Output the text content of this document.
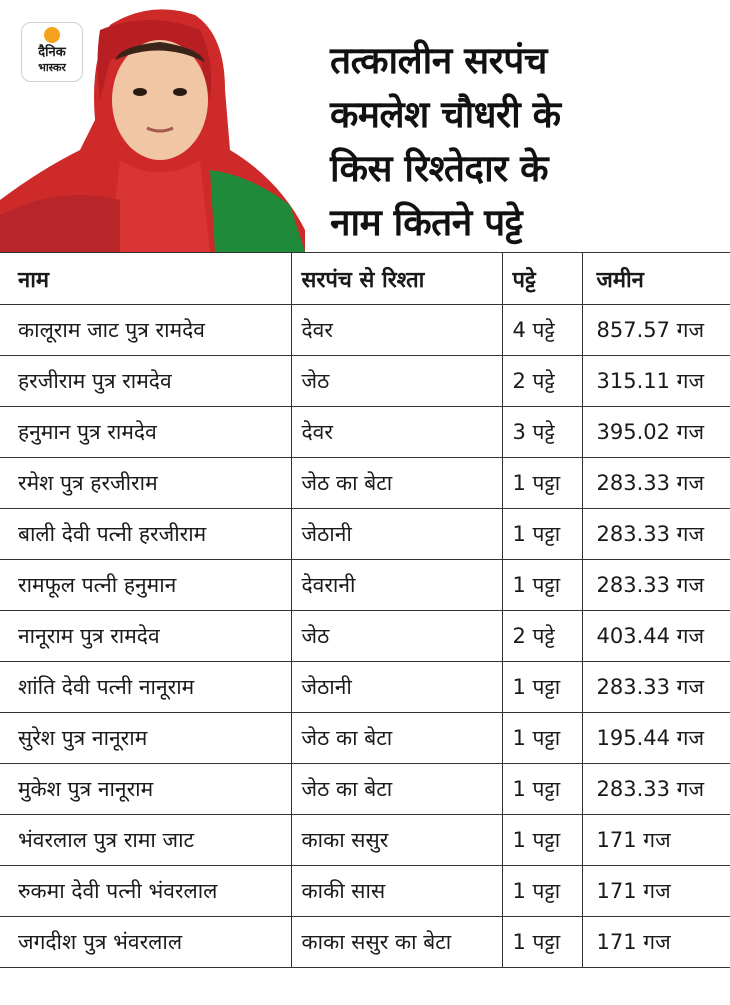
दैनिक
भास्कर	तत्कालीन सरपंच
कमलेश चौधरी के
किस रिश्तेदार के
नाम कितने पट्टे
नाम	सरपंच से रिश्ता	पट्टे	जमीन
कालूराम जाट पुत्र रामदेव	देवर	4 पट्टे	857.57 गज
हरजीराम पुत्र रामदेव	जेठ	2 पट्टे	315.11 गज
हनुमान पुत्र रामदेव	देवर	3 पट्टे	395.02 गज
रमेश पुत्र हरजीराम	जेठ का बेटा	1 पट्टा	283.33 गज
बाली देवी पत्नी हरजीराम	जेठानी	1 पट्टा	283.33 गज
रामफूल पत्नी हनुमान	देवरानी	1 पट्टा	283.33 गज
नानूराम पुत्र रामदेव	जेठ	2 पट्टे	403.44 गज
शांति देवी पत्नी नानूराम	जेठानी	1 पट्टा	283.33 गज
सुरेश पुत्र नानूराम	जेठ का बेटा	1 पट्टा	195.44 गज
मुकेश पुत्र नानूराम	जेठ का बेटा	1 पट्टा	283.33 गज
भंवरलाल पुत्र रामा जाट	काका ससुर	1 पट्टा	171 गज
रुकमा देवी पत्नी भंवरलाल	काकी सास	1 पट्टा	171 गज
जगदीश पुत्र भंवरलाल	काका ससुर का बेटा	1 पट्टा	171 गज
